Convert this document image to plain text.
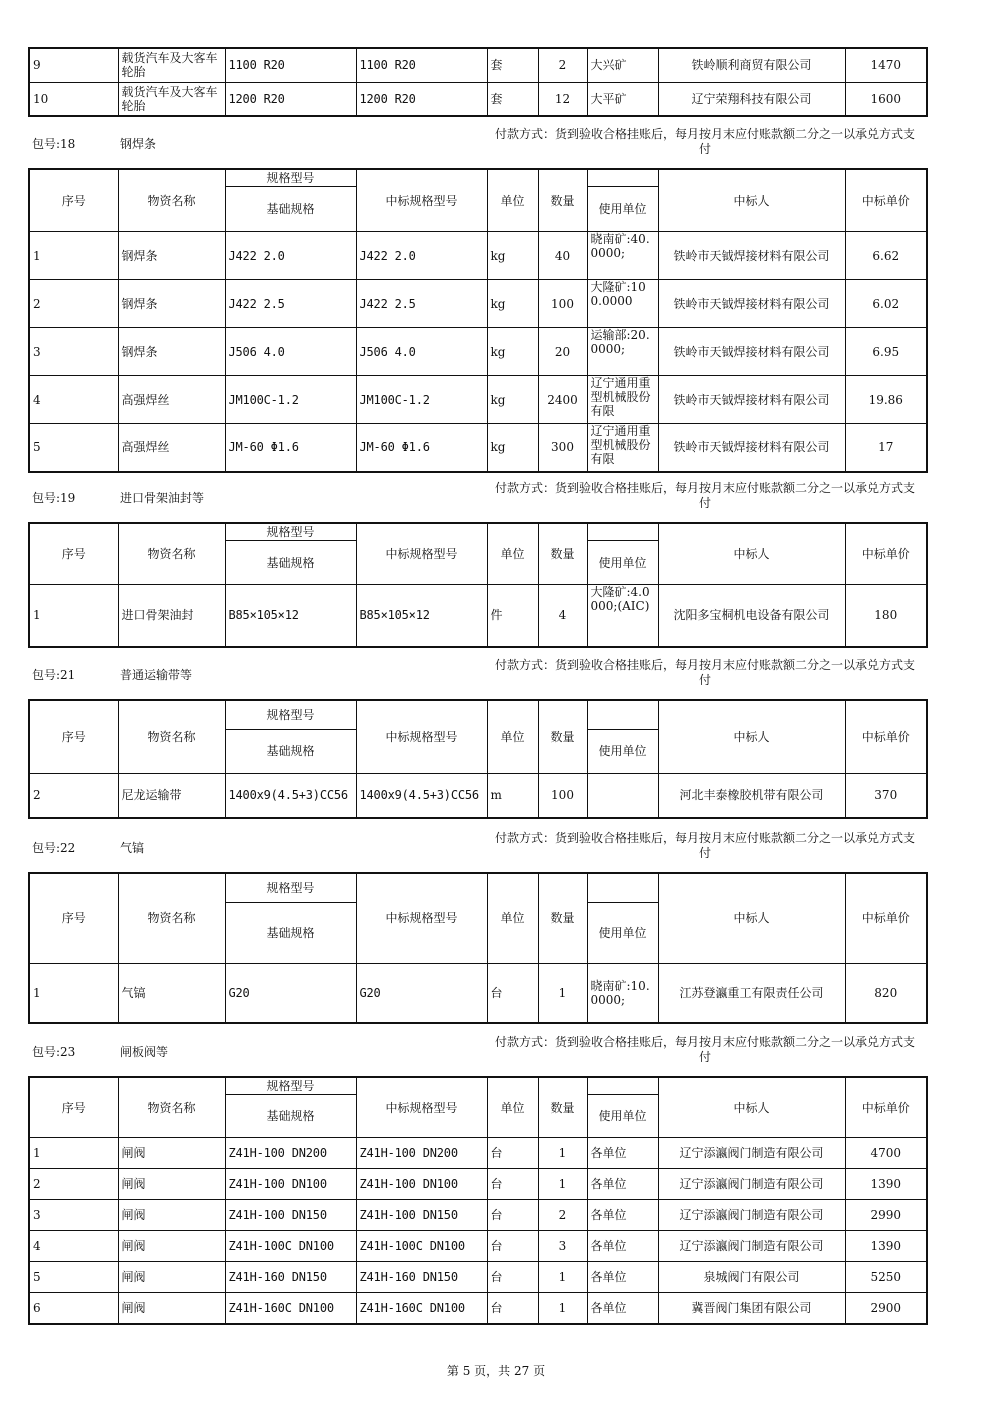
9	载货汽车及大客车轮胎	1100 R20	1100 R20	套	2	大兴矿	铁岭顺利商贸有限公司	1470
10	载货汽车及大客车轮胎	1200 R20	1200 R20	套	12	大平矿	辽宁荣翔科技有限公司	1600
包号:18	钢焊条
付款方式：货到验收合格挂账后，每月按月末应付账款额二分之一以承兑方式支付
序号	物资名称	规格型号	中标规格型号	单位	数量		中标人	中标单价
		基础规格				使用单位		
1	钢焊条	J422 2.0	J422 2.0	kg	40	晓南矿:40.0000;	铁岭市天钺焊接材料有限公司	6.62
2	钢焊条	J422 2.5	J422 2.5	kg	100	大隆矿:100.0000	铁岭市天钺焊接材料有限公司	6.02
3	钢焊条	J506 4.0	J506 4.0	kg	20	运输部:20.0000;	铁岭市天钺焊接材料有限公司	6.95
4	高强焊丝	JM100C-1.2	JM100C-1.2	kg	2400	辽宁通用重型机械股份有限	铁岭市天钺焊接材料有限公司	19.86
5	高强焊丝	JM-60 Φ1.6	JM-60 Φ1.6	kg	300	辽宁通用重型机械股份有限	铁岭市天钺焊接材料有限公司	17
包号:19	进口骨架油封等
付款方式：货到验收合格挂账后，每月按月末应付账款额二分之一以承兑方式支付
序号	物资名称	规格型号	中标规格型号	单位	数量		中标人	中标单价
		基础规格				使用单位		
1	进口骨架油封	B85×105×12	B85×105×12	件	4	大隆矿:4.0000;(AIC)	沈阳多宝桐机电设备有限公司	180
包号:21	普通运输带等
付款方式：货到验收合格挂账后，每月按月末应付账款额二分之一以承兑方式支付
序号	物资名称	规格型号	中标规格型号	单位	数量		中标人	中标单价
		基础规格				使用单位		
2	尼龙运输带	1400x9(4.5+3)CC56	1400x9(4.5+3)CC56	m	100		河北丰泰橡胶机带有限公司	370
包号:22	气镐
付款方式：货到验收合格挂账后，每月按月末应付账款额二分之一以承兑方式支付
序号	物资名称	规格型号	中标规格型号	单位	数量		中标人	中标单价
		基础规格				使用单位		
1	气镐	G20	G20	台	1	晓南矿:10.0000;	江苏登瀛重工有限责任公司	820
包号:23	闸板阀等
付款方式：货到验收合格挂账后，每月按月末应付账款额二分之一以承兑方式支付
序号	物资名称	规格型号	中标规格型号	单位	数量		中标人	中标单价
		基础规格				使用单位		
1	闸阀	Z41H-100 DN200	Z41H-100 DN200	台	1	各单位	辽宁添瀛阀门制造有限公司	4700
2	闸阀	Z41H-100 DN100	Z41H-100 DN100	台	1	各单位	辽宁添瀛阀门制造有限公司	1390
3	闸阀	Z41H-100 DN150	Z41H-100 DN150	台	2	各单位	辽宁添瀛阀门制造有限公司	2990
4	闸阀	Z41H-100C DN100	Z41H-100C DN100	台	3	各单位	辽宁添瀛阀门制造有限公司	1390
5	闸阀	Z41H-160 DN150	Z41H-160 DN150	台	1	各单位	泉城阀门有限公司	5250
6	闸阀	Z41H-160C DN100	Z41H-160C DN100	台	1	各单位	冀晋阀门集团有限公司	2900
第 5 页，共 27 页
